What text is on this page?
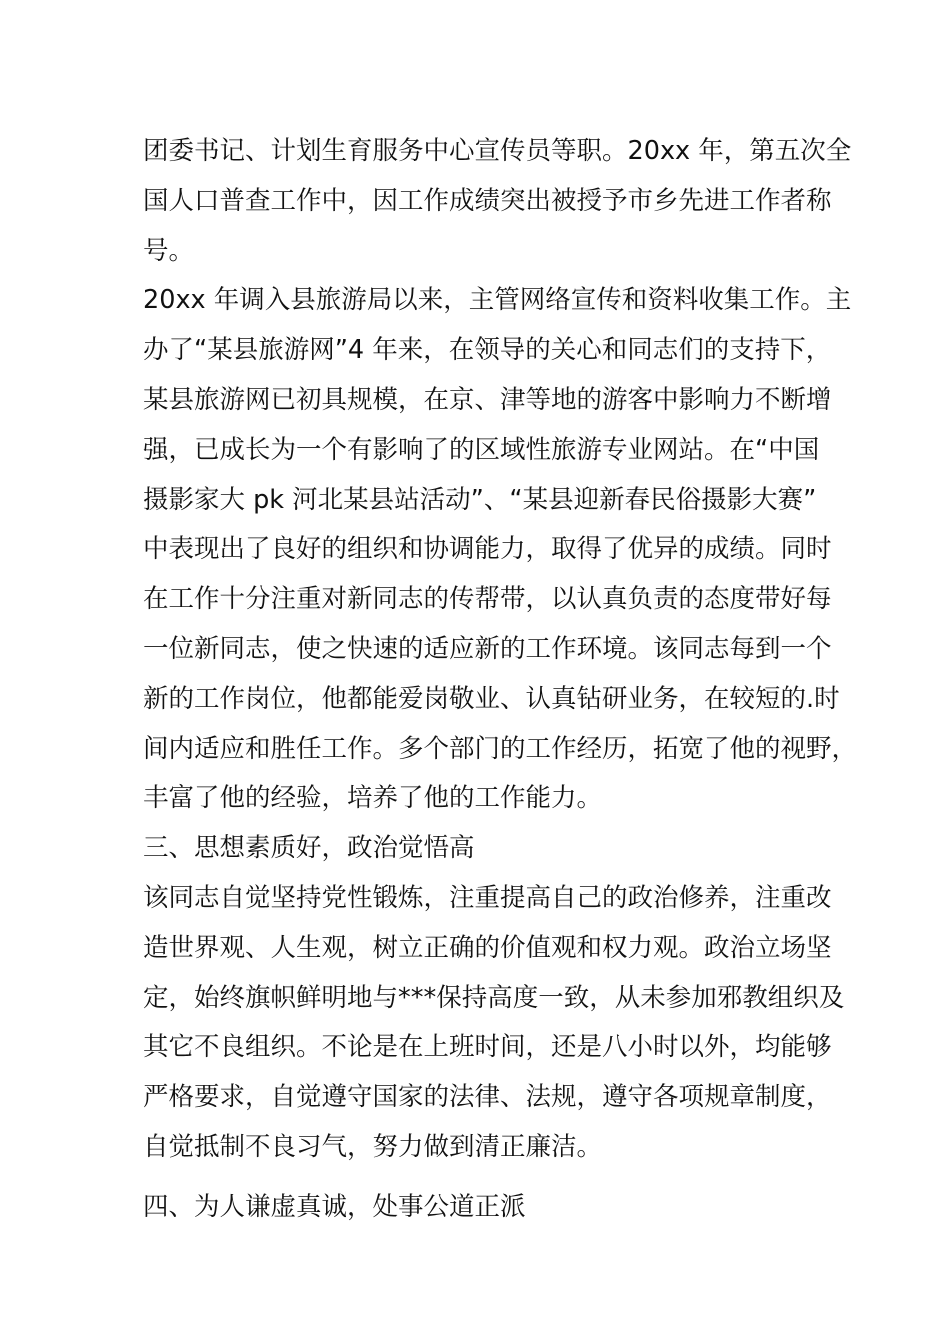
团委书记、计划生育服务中心宣传员等职。20xx 年，第五次全
国人口普查工作中，因工作成绩突出被授予市乡先进工作者称
号。
20xx 年调入县旅游局以来，主管网络宣传和资料收集工作。主
办了“某县旅游网”4 年来，在领导的关心和同志们的支持下，
某县旅游网已初具规模，在京、津等地的游客中影响力不断增
强，已成长为一个有影响了的区域性旅游专业网站。在“中国
摄影家大 pk 河北某县站活动”、“某县迎新春民俗摄影大赛”
中表现出了良好的组织和协调能力，取得了优异的成绩。同时
在工作十分注重对新同志的传帮带，以认真负责的态度带好每
一位新同志，使之快速的适应新的工作环境。该同志每到一个
新的工作岗位，他都能爱岗敬业、认真钻研业务，在较短的.时
间内适应和胜任工作。多个部门的工作经历，拓宽了他的视野，
丰富了他的经验，培养了他的工作能力。
三、思想素质好，政治觉悟高
该同志自觉坚持党性锻炼，注重提高自己的政治修养，注重改
造世界观、人生观，树立正确的价值观和权力观。政治立场坚
定，始终旗帜鲜明地与***保持高度一致，从未参加邪教组织及
其它不良组织。不论是在上班时间，还是八小时以外，均能够
严格要求，自觉遵守国家的法律、法规，遵守各项规章制度，
自觉抵制不良习气，努力做到清正廉洁。
四、为人谦虚真诚，处事公道正派
